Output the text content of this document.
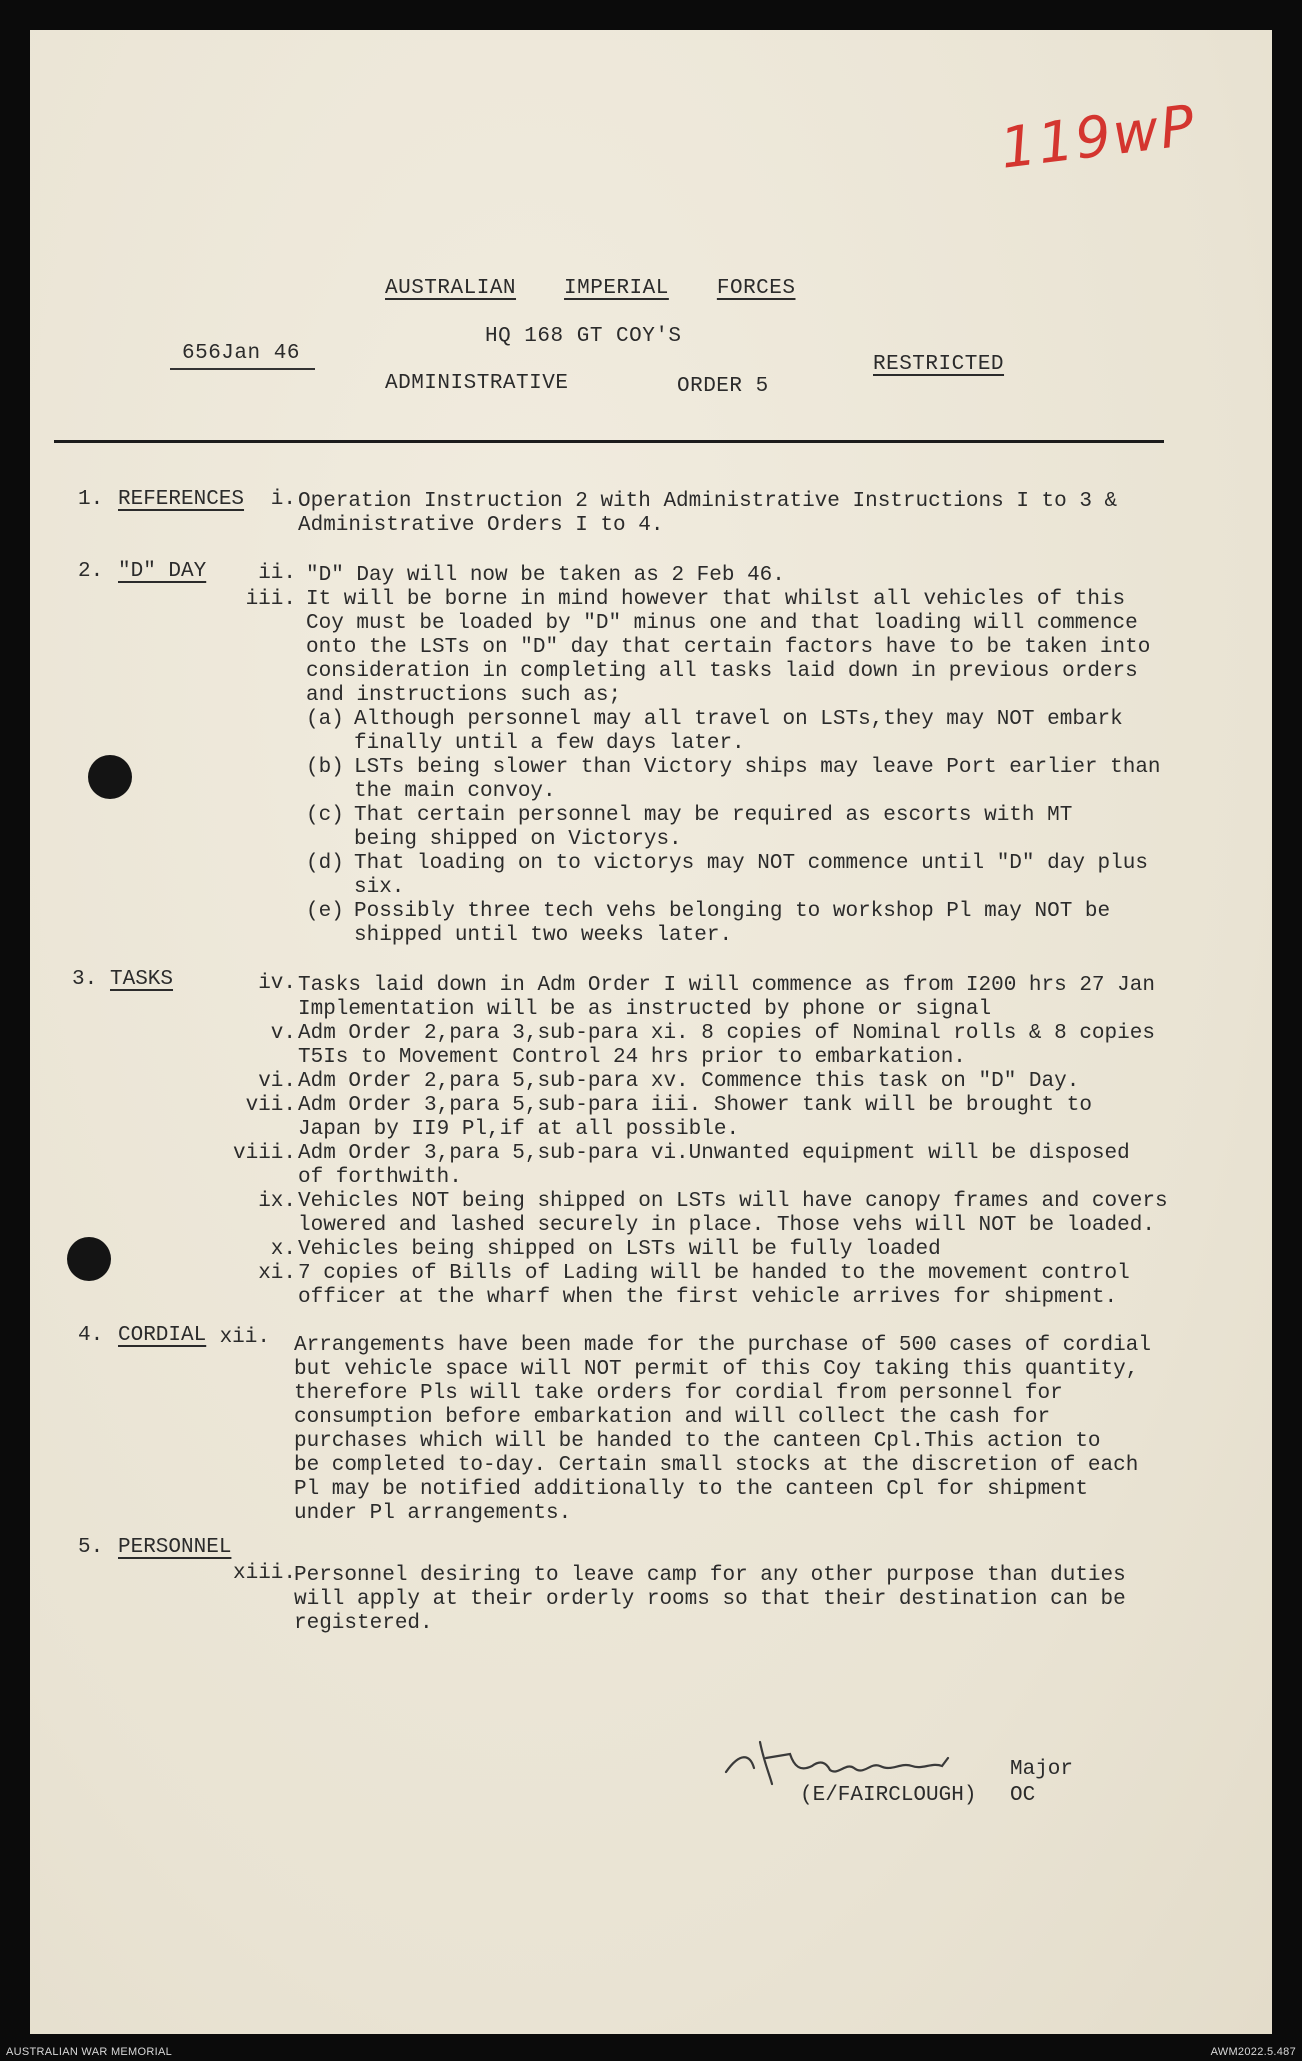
119wP
AUSTRALIAN IMPERIAL FORCES
HQ 168 GT COY'S
656Jan 46	RESTRICTED
ADMINISTRATIVE	ORDER 5
1. REFERENCES	i. Operation Instruction 2 with Administrative Instructions I to 3 &
Administrative Orders I to 4.
2. "D" DAY	ii. "D" Day will now be taken as 2 Feb 46.
iii. It will be borne in mind however that whilst all vehicles of this
Coy must be loaded by "D" minus one and that loading will commence
onto the LSTs on "D" day that certain factors have to be taken into
consideration in completing all tasks laid down in previous orders
and instructions such as;
(a) Although personnel may all travel on LSTs,they may NOT embark
finally until a few days later.
(b) LSTs being slower than Victory ships may leave Port earlier than
the main convoy.
(c) That certain personnel may be required as escorts with MT
being shipped on Victorys.
(d) That loading on to victorys may NOT commence until "D" day plus
six.
(e) Possibly three tech vehs belonging to workshop Pl may NOT be
shipped until two weeks later.
3. TASKS	iv. Tasks laid down in Adm Order I will commence as from I200 hrs 27 Jan
Implementation will be as instructed by phone or signal
v. Adm Order 2,para 3,sub-para xi. 8 copies of Nominal rolls & 8 copies
T5Is to Movement Control 24 hrs prior to embarkation.
vi. Adm Order 2,para 5,sub-para xv. Commence this task on "D" Day.
vii. Adm Order 3,para 5,sub-para iii. Shower tank will be brought to
Japan by II9 Pl,if at all possible.
viii. Adm Order 3,para 5,sub-para vi.Unwanted equipment will be disposed
of forthwith.
ix. Vehicles NOT being shipped on LSTs will have canopy frames and covers
lowered and lashed securely in place. Those vehs will NOT be loaded.
x. Vehicles being shipped on LSTs will be fully loaded
xi. 7 copies of Bills of Lading will be handed to the movement control
officer at the wharf when the first vehicle arrives for shipment.
4. CORDIAL xii. Arrangements have been made for the purchase of 500 cases of cordial
but vehicle space will NOT permit of this Coy taking this quantity,
therefore Pls will take orders for cordial from personnel for
consumption before embarkation and will collect the cash for
purchases which will be handed to the canteen Cpl.This action to
be completed to-day. Certain small stocks at the discretion of each
Pl may be notified additionally to the canteen Cpl for shipment
under Pl arrangements.
5. PERSONNEL
xiii.
Personnel desiring to leave camp for any other purpose than duties
will apply at their orderly rooms so that their destination can be
registered.
F Fairclough
Major
(E/FAIRCLOUGH) OC
AUSTRALIAN WAR MEMORIAL	AWM2022.5.487
